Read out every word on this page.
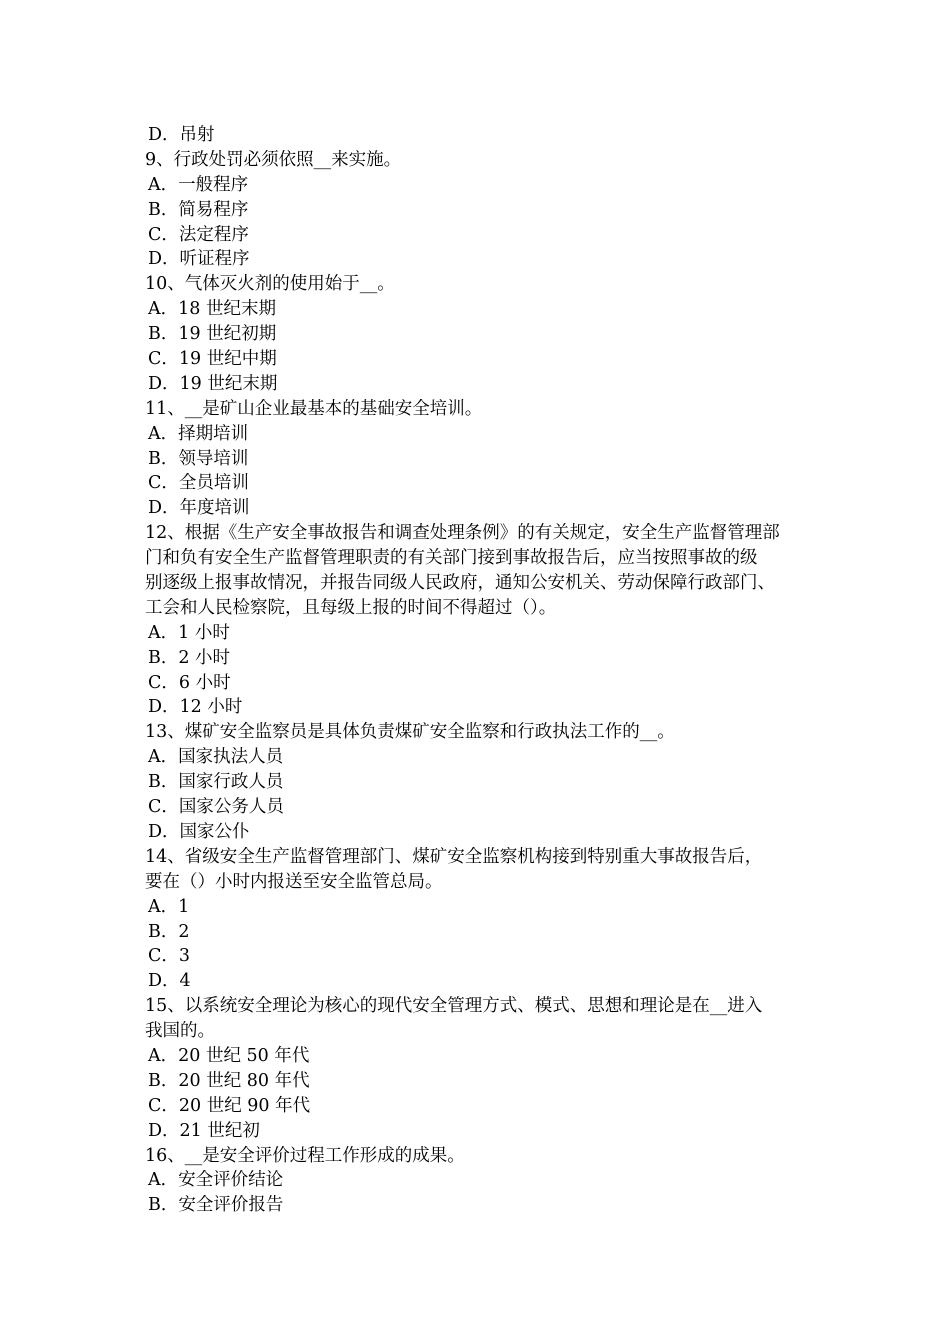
D．吊射
9、行政处罚必须依照__来实施。
A．一般程序
B．简易程序
C．法定程序
D．听证程序
10、气体灭火剂的使用始于__。
A．18 世纪末期
B．19 世纪初期
C．19 世纪中期
D．19 世纪末期
11、__是矿山企业最基本的基础安全培训。
A．择期培训
B．领导培训
C．全员培训
D．年度培训
12、根据《生产安全事故报告和调查处理条例》的有关规定，安全生产监督管理部
门和负有安全生产监督管理职责的有关部门接到事故报告后，应当按照事故的级
别逐级上报事故情况，并报告同级人民政府，通知公安机关、劳动保障行政部门、
工会和人民检察院，且每级上报的时间不得超过（）。
A．1 小时
B．2 小时
C．6 小时
D．12 小时
13、煤矿安全监察员是具体负责煤矿安全监察和行政执法工作的__。
A．国家执法人员
B．国家行政人员
C．国家公务人员
D．国家公仆
14、省级安全生产监督管理部门、煤矿安全监察机构接到特别重大事故报告后，
要在（）小时内报送至安全监管总局。
A．1
B．2
C．3
D．4
15、以系统安全理论为核心的现代安全管理方式、模式、思想和理论是在__进入
我国的。
A．20 世纪 50 年代
B．20 世纪 80 年代
C．20 世纪 90 年代
D．21 世纪初
16、__是安全评价过程工作形成的成果。
A．安全评价结论
B．安全评价报告
